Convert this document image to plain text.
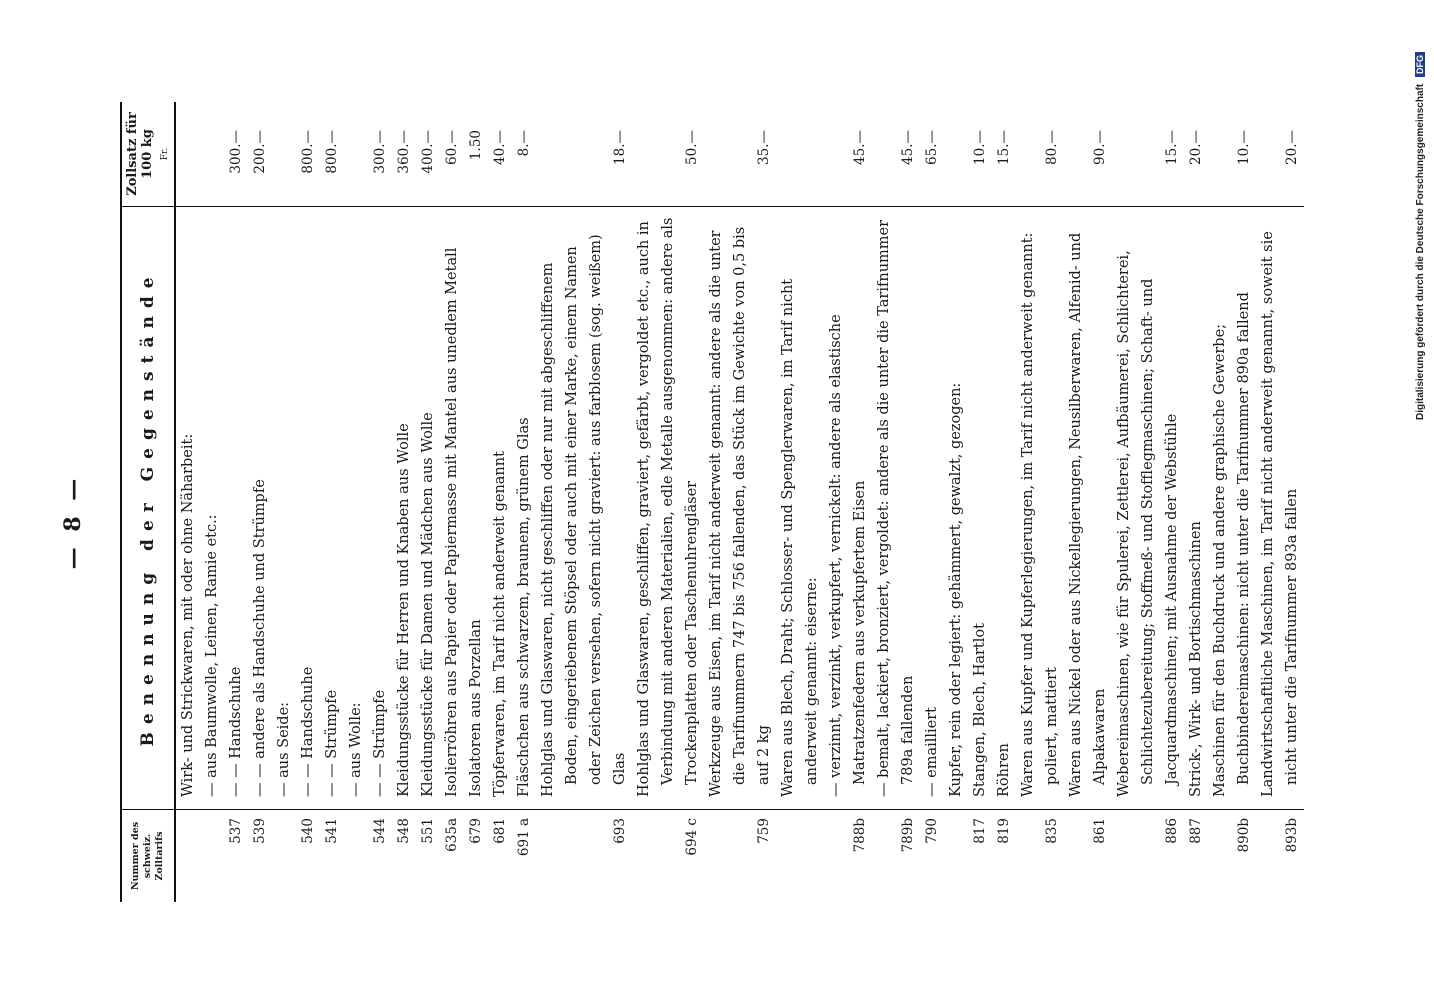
— 8 —
Nummer des schweiz. Zolltarifs	Benennung der Gegenstände	Zollsatz für 100 kg Fr.

	Wirk- und Strickwaren, mit oder ohne Näharbeit:	

	— aus Baumwolle, Leinen, Ramie etc.:	

537	— — Handschuhe	300.—
539	— — andere als Handschuhe und Strümpfe	200.—

	— aus Seide:	

540	— — Handschuhe	800.—
541	— — Strümpfe	800.—

	— aus Wolle:	

544	— — Strümpfe	300.—
548	Kleidungsstücke für Herren und Knaben aus Wolle	360.—
551	Kleidungsstücke für Damen und Mädchen aus Wolle	400.—
635a	Isolierröhren aus Papier oder Papiermasse mit Mantel aus unedlem Metall	60.—
679	Isolatoren aus Porzellan	1.50
681	Töpferwaren, im Tarif nicht anderweit genannt	40.—
691 a	Fläschchen aus schwarzem, braunem, grünem Glas	8.—
693	Hohlglas und Glaswaren, nicht geschliffen oder nur mit abgeschliffenem Boden, eingeriebenem Stöpsel oder auch mit einer Marke, einem Namen oder Zeichen versehen, sofern nicht graviert: aus farblosem (sog. weißem) Glas	18.—
694 c	Hohlglas und Glaswaren, geschliffen, graviert, gefärbt, vergoldet etc., auch in Verbindung mit anderen Materialien, edle Metalle ausgenommen: andere als Trockenplatten oder Taschenuhrengläser	50.—
759	Werkzeuge aus Eisen, im Tarif nicht anderweit genannt: andere als die unter die Tarifnummern 747 bis 756 fallenden, das Stück im Gewichte von 0,5 bis auf 2 kg	35.—

	Waren aus Blech, Draht; Schlosser- und Spenglerwaren, im Tarif nicht anderweit genannt: eiserne:	

788b	— verzinnt, verzinkt, verkupfert, vernickelt: andere als elastische Matratzenfedern aus verkupfertem Eisen	45.—
789b	— bemalt, lackiert, bronziert, vergoldet: andere als die unter die Tarifnummer 789a fallenden	45.—
790	— emailliert	65.—

	Kupfer, rein oder legiert: gehämmert, gewalzt, gezogen:	

817	Stangen, Blech, Hartlot	10.—
819	Röhren	15.—
835	Waren aus Kupfer und Kupferlegierungen, im Tarif nicht anderweit genannt: poliert, mattiert	80.—
861	Waren aus Nickel oder aus Nickellegierungen, Neusilberwaren, Alfenid- und Alpakawaren	90.—
886	Webereimaschinen, wie für Spulerei, Zettlerei, Aufbäumerei, Schlichterei, Schlichtezubereitung; Stoffmeß- und Stofflegmaschinen; Schaft- und Jacquardmaschinen; mit Ausnahme der Webstühle	15.—
887	Strick-, Wirk- und Bortischmaschinen	20.—
890b	Maschinen für den Buchdruck und andere graphische Gewerbe; Buchbindereimaschinen: nicht unter die Tarifnummer 890a fallend	10.—
893b	Landwirtschaftliche Maschinen, im Tarif nicht anderweit genannt, soweit sie nicht unter die Tarifnummer 893a fallen	20.—	Digitalisierung gefördert durch die Deutsche Forschungsgemeinschaft DFG
